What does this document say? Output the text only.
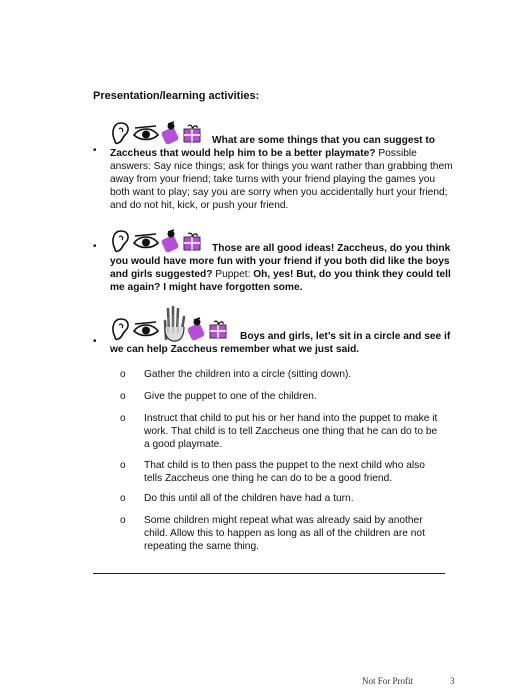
Presentation/learning activities:
•
What are some things that you can suggest to Zaccheus that would help him to be a better playmate? Possible answers: Say nice things; ask for things you want rather than grabbing them away from your friend; take turns with your friend playing the games you both want to play; say you are sorry when you accidentally hurt your friend; and do not hit, kick, or push your friend.
•	Those are all good ideas! Zaccheus, do you think you would have more fun with your friend if you both did like the boys and girls suggested? Puppet: Oh, yes! But, do you think they could tell me again? I might have forgotten some.
•	Boys and girls, let’s sit in a circle and see if we can help Zaccheus remember what we just said.
o Gather the children into a circle (sitting down).
o Give the puppet to one of the children.
o Instruct that child to put his or her hand into the puppet to make it work. That child is to tell Zaccheus one thing that he can do to be a good playmate.
o That child is to then pass the puppet to the next child who also tells Zaccheus one thing he can do to be a good friend.
o Do this until all of the children have had a turn.
o Some children might repeat what was already said by another child. Allow this to happen as long as all of the children are not repeating the same thing.
Not For Profit	3
